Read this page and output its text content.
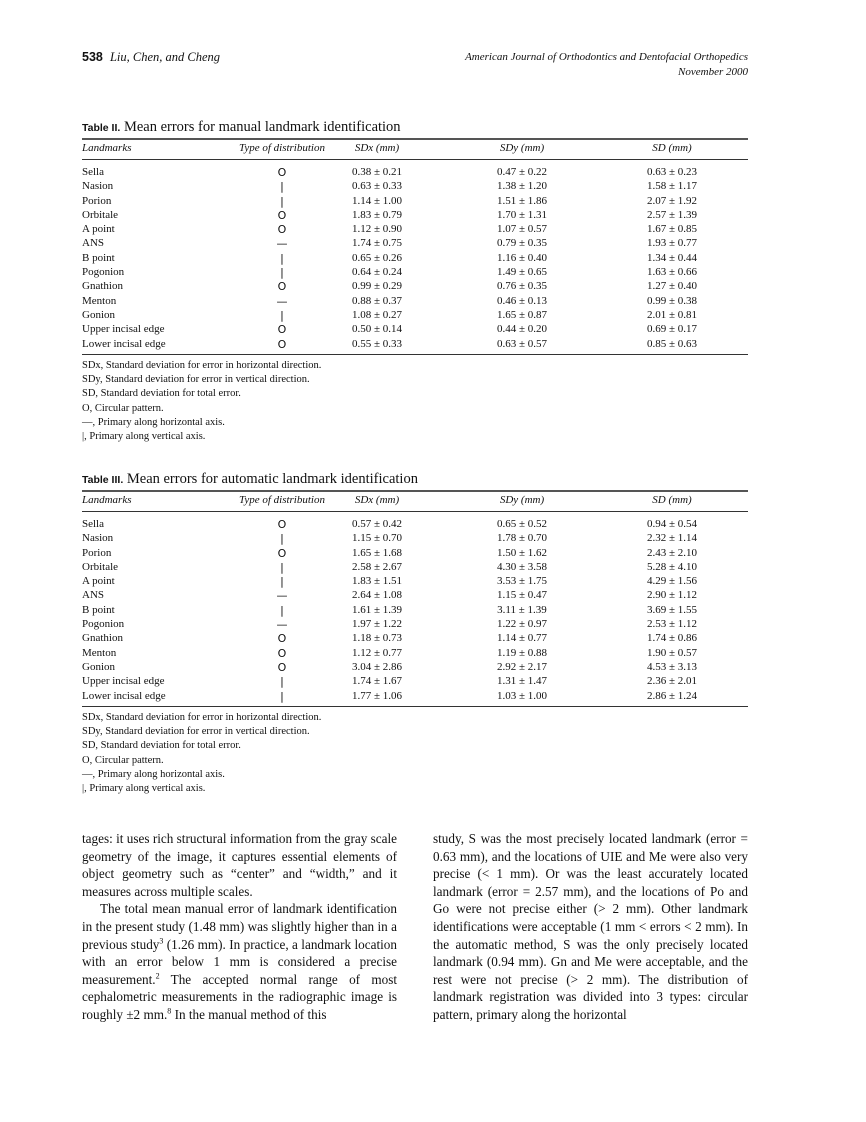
538 Liu, Chen, and Cheng	American Journal of Orthodontics and Dentofacial Orthopedics
November 2000
Table II. Mean errors for manual landmark identification
Landmarks	Type of distribution	SDx (mm)	SDy (mm)	SD (mm)
Sella	O	0.38 ± 0.21	0.47 ± 0.22	0.63 ± 0.23
Nasion	|	0.63 ± 0.33	1.38 ± 1.20	1.58 ± 1.17
Porion	|	1.14 ± 1.00	1.51 ± 1.86	2.07 ± 1.92
Orbitale	O	1.83 ± 0.79	1.70 ± 1.31	2.57 ± 1.39
A point	O	1.12 ± 0.90	1.07 ± 0.57	1.67 ± 0.85
ANS	—	1.74 ± 0.75	0.79 ± 0.35	1.93 ± 0.77
B point	|	0.65 ± 0.26	1.16 ± 0.40	1.34 ± 0.44
Pogonion	|	0.64 ± 0.24	1.49 ± 0.65	1.63 ± 0.66
Gnathion	O	0.99 ± 0.29	0.76 ± 0.35	1.27 ± 0.40
Menton	—	0.88 ± 0.37	0.46 ± 0.13	0.99 ± 0.38
Gonion	|	1.08 ± 0.27	1.65 ± 0.87	2.01 ± 0.81
Upper incisal edge	O	0.50 ± 0.14	0.44 ± 0.20	0.69 ± 0.17
Lower incisal edge	O	0.55 ± 0.33	0.63 ± 0.57	0.85 ± 0.63
SDx, Standard deviation for error in horizontal direction.
SDy, Standard deviation for error in vertical direction.
SD, Standard deviation for total error.
O, Circular pattern.
—, Primary along horizontal axis.
|, Primary along vertical axis.
Table III. Mean errors for automatic landmark identification
Landmarks	Type of distribution	SDx (mm)	SDy (mm)	SD (mm)
Sella	O	0.57 ± 0.42	0.65 ± 0.52	0.94 ± 0.54
Nasion	|	1.15 ± 0.70	1.78 ± 0.70	2.32 ± 1.14
Porion	O	1.65 ± 1.68	1.50 ± 1.62	2.43 ± 2.10
Orbitale	|	2.58 ± 2.67	4.30 ± 3.58	5.28 ± 4.10
A point	|	1.83 ± 1.51	3.53 ± 1.75	4.29 ± 1.56
ANS	—	2.64 ± 1.08	1.15 ± 0.47	2.90 ± 1.12
B point	|	1.61 ± 1.39	3.11 ± 1.39	3.69 ± 1.55
Pogonion	—	1.97 ± 1.22	1.22 ± 0.97	2.53 ± 1.12
Gnathion	O	1.18 ± 0.73	1.14 ± 0.77	1.74 ± 0.86
Menton	O	1.12 ± 0.77	1.19 ± 0.88	1.90 ± 0.57
Gonion	O	3.04 ± 2.86	2.92 ± 2.17	4.53 ± 3.13
Upper incisal edge	|	1.74 ± 1.67	1.31 ± 1.47	2.36 ± 2.01
Lower incisal edge	|	1.77 ± 1.06	1.03 ± 1.00	2.86 ± 1.24
SDx, Standard deviation for error in horizontal direction.
SDy, Standard deviation for error in vertical direction.
SD, Standard deviation for total error.
O, Circular pattern.
—, Primary along horizontal axis.
|, Primary along vertical axis.

tages: it uses rich structural information from the gray scale geometry of the image, it captures essential elements of object geometry such as “center” and “width,” and it measures across multiple scales.

The total mean manual error of landmark identification in the present study (1.48 mm) was slightly higher than in a previous study$^3$ (1.26 mm). In practice, a landmark location with an error below 1 mm is considered a precise measurement.$^2$ The accepted normal range of most cephalometric measurements in the radiographic image is roughly ±2 mm.$^8$ In the manual method of this

study, S was the most precisely located landmark (error = 0.63 mm), and the locations of UIE and Me were also very precise (< 1 mm). Or was the least accurately located landmark (error = 2.57 mm), and the locations of Po and Go were not precise either (> 2 mm). Other landmark identifications were acceptable (1 mm < errors < 2 mm). In the automatic method, S was the only precisely located landmark (0.94 mm). Gn and Me were acceptable, and the rest were not precise (> 2 mm). The distribution of landmark registration was divided into 3 types: circular pattern, primary along the horizontal
